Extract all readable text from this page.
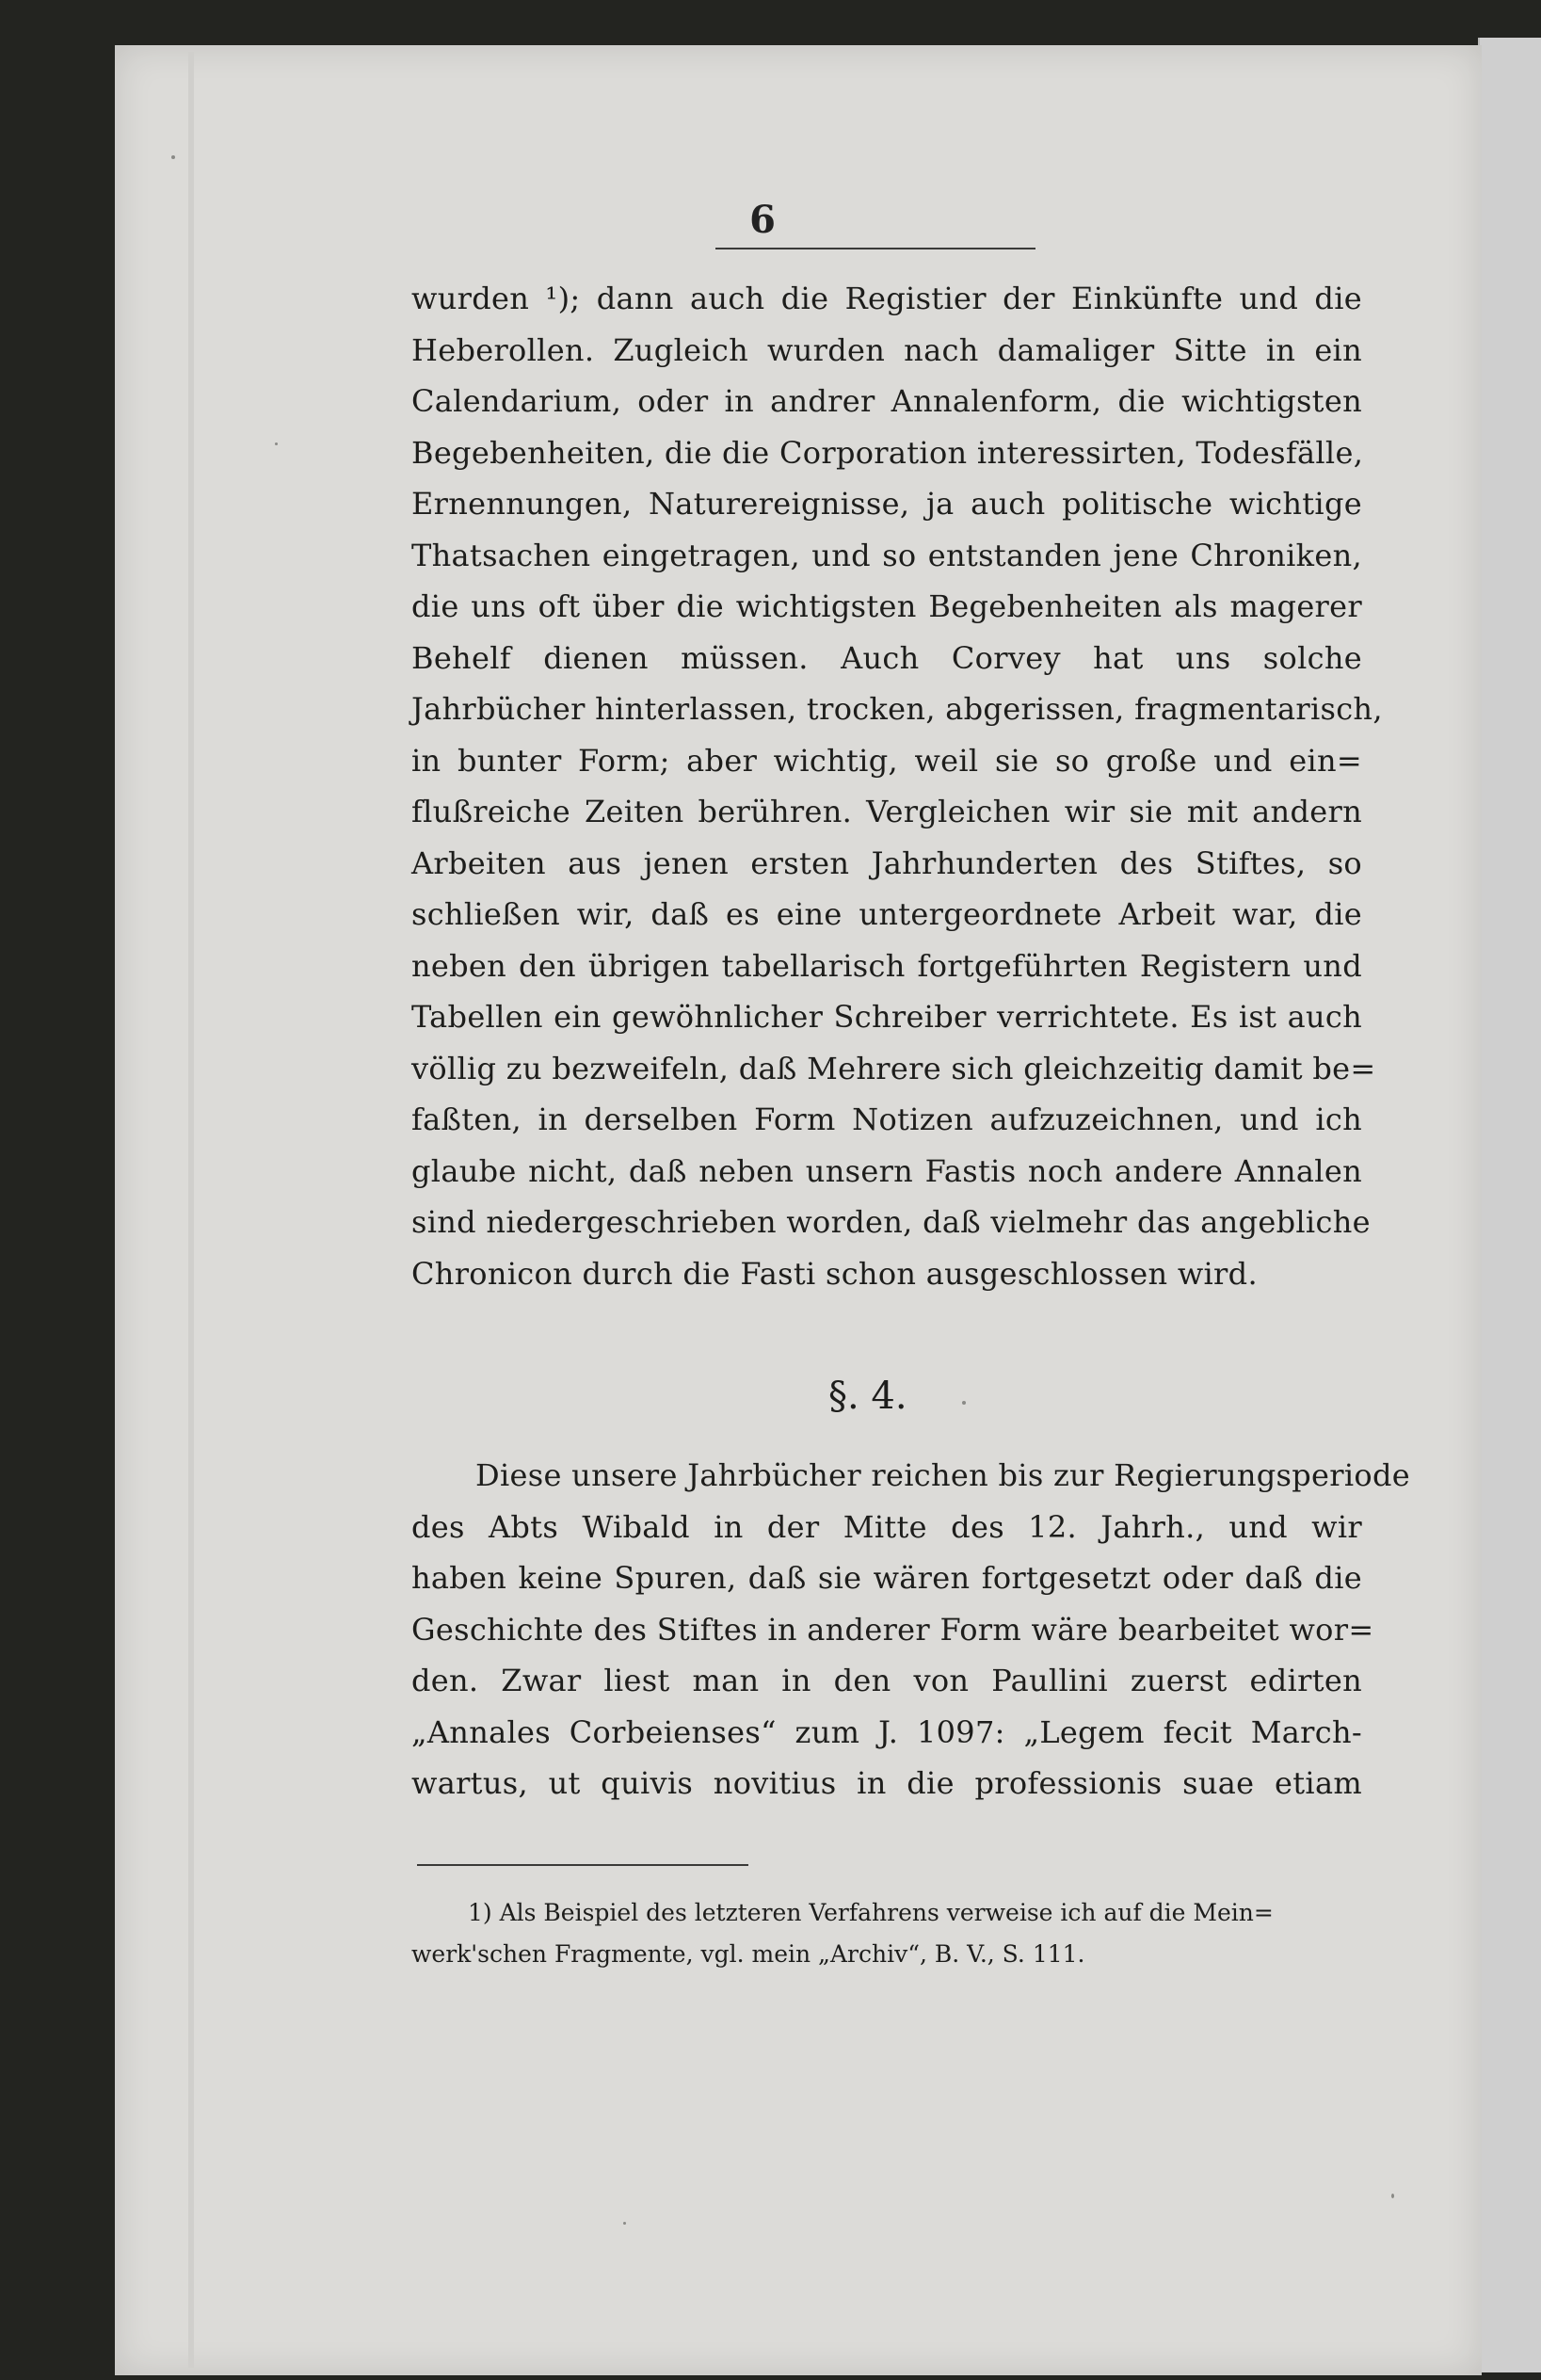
6
wurden ¹); dann auch die Registier der Einkünfte und die
Heberollen. Zugleich wurden nach damaliger Sitte in ein
Calendarium, oder in andrer Annalenform, die wichtigsten
Begebenheiten, die die Corporation interessirten, Todesfälle,
Ernennungen, Naturereignisse, ja auch politische wichtige
Thatsachen eingetragen, und so entstanden jene Chroniken,
die uns oft über die wichtigsten Begebenheiten als magerer
Behelf dienen müssen. Auch Corvey hat uns solche
Jahrbücher hinterlassen, trocken, abgerissen, fragmentarisch,
in bunter Form; aber wichtig, weil sie so große und ein=
flußreiche Zeiten berühren. Vergleichen wir sie mit andern
Arbeiten aus jenen ersten Jahrhunderten des Stiftes, so
schließen wir, daß es eine untergeordnete Arbeit war, die
neben den übrigen tabellarisch fortgeführten Registern und
Tabellen ein gewöhnlicher Schreiber verrichtete. Es ist auch
völlig zu bezweifeln, daß Mehrere sich gleichzeitig damit be=
faßten, in derselben Form Notizen aufzuzeichnen, und ich
glaube nicht, daß neben unsern Fastis noch andere Annalen
sind niedergeschrieben worden, daß vielmehr das angebliche
Chronicon durch die Fasti schon ausgeschlossen wird.
§. 4.
Diese unsere Jahrbücher reichen bis zur Regierungsperiode
des Abts Wibald in der Mitte des 12. Jahrh., und wir
haben keine Spuren, daß sie wären fortgesetzt oder daß die
Geschichte des Stiftes in anderer Form wäre bearbeitet wor=
den. Zwar liest man in den von Paullini zuerst edirten
„Annales Corbeienses“ zum J. 1097: „Legem fecit March-
wartus, ut quivis novitius in die professionis suae etiam
1) Als Beispiel des letzteren Verfahrens verweise ich auf die Mein=
werk'schen Fragmente, vgl. mein „Archiv“, B. V., S. 111.
